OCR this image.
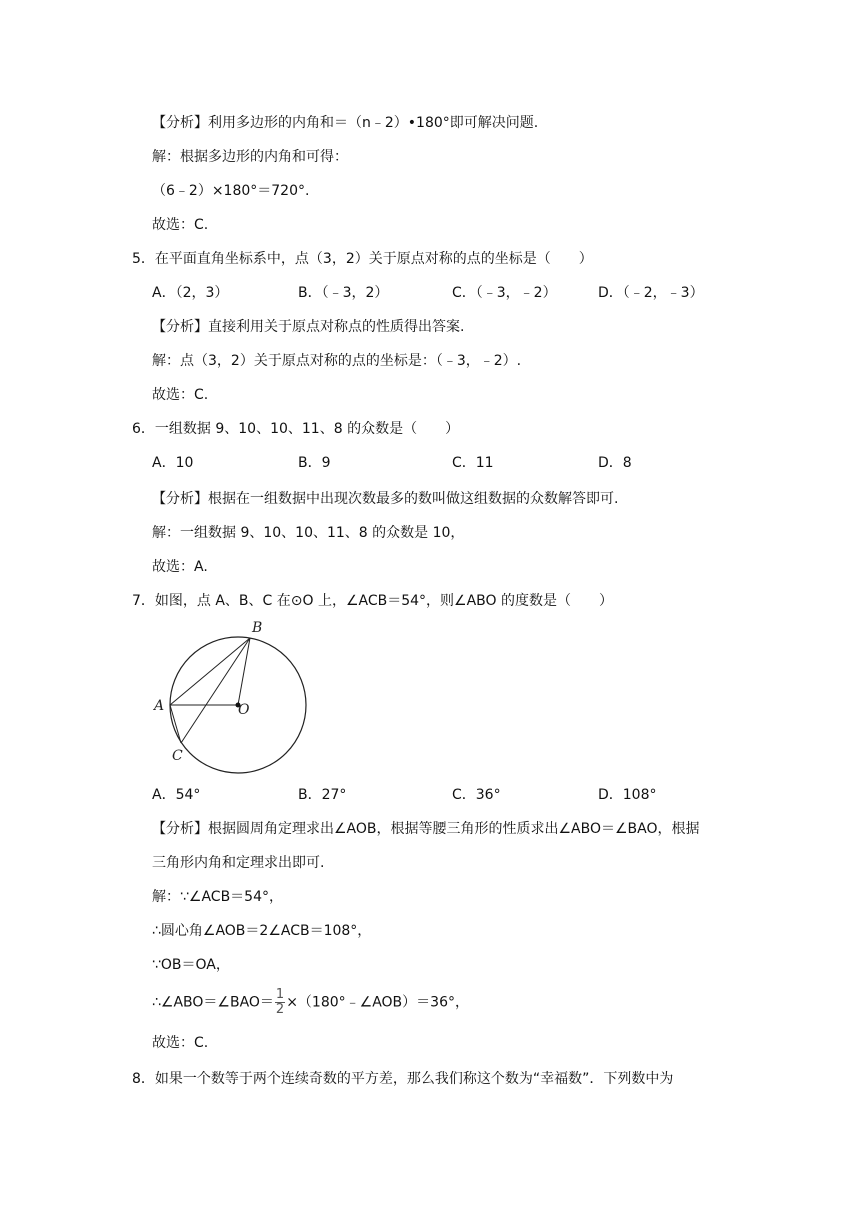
【分析】利用多边形的内角和＝（n﹣2）•180°即可解决问题.
解：根据多边形的内角和可得：
（6﹣2）×180°＝720°.
故选：C.
5．在平面直角坐标系中，点（3，2）关于原点对称的点的坐标是（　　）
A．（2，3）	B．（﹣3，2）	C．（﹣3，﹣2）	D．（﹣2，﹣3）
【分析】直接利用关于原点对称点的性质得出答案.
解：点（3，2）关于原点对称的点的坐标是：（﹣3，﹣2）.
故选：C.
6．一组数据 9、10、10、11、8 的众数是（　　）
A．10	B．9	C．11	D．8
【分析】根据在一组数据中出现次数最多的数叫做这组数据的众数解答即可.
解：一组数据 9、10、10、11、8 的众数是 10，
故选：A.
7．如图，点 A、B、C 在⊙O 上，∠ACB＝54°，则∠ABO 的度数是（　　）
B
A	O
C
A．54°	B．27°	C．36°	D．108°
【分析】根据圆周角定理求出∠AOB，根据等腰三角形的性质求出∠ABO＝∠BAO，根据
三角形内角和定理求出即可.
解：∵∠ACB＝54°，
∴圆心角∠AOB＝2∠ACB＝108°，
∵OB＝OA，
∴∠ABO＝∠BAO＝ $\frac{1}{2}$ ×（180°﹣∠AOB）＝36°，
故选：C.
8．如果一个数等于两个连续奇数的平方差，那么我们称这个数为“幸福数”．下列数中为
